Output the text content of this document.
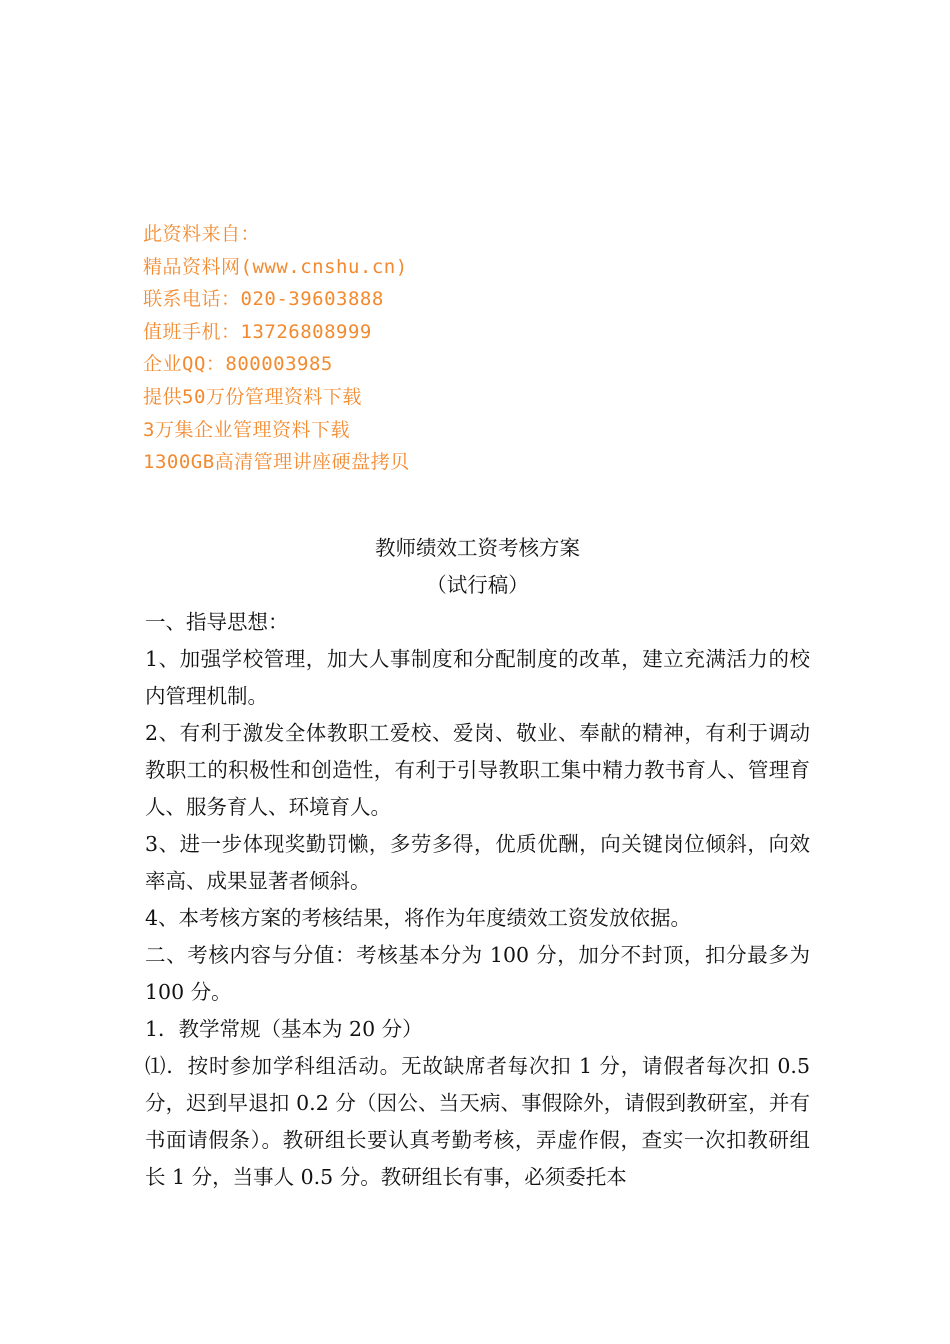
此资料来自：
精品资料网(www.cnshu.cn)
联系电话：020-39603888
值班手机：13726808999
企业QQ：800003985
提供50万份管理资料下载
3万集企业管理资料下载
1300GB高清管理讲座硬盘拷贝
教师绩效工资考核方案
（试行稿）

一、指导思想：

1、加强学校管理，加大人事制度和分配制度的改革，建立充满活力的校内管理机制。

2、有利于激发全体教职工爱校、爱岗、敬业、奉献的精神，有利于调动教职工的积极性和创造性，有利于引导教职工集中精力教书育人、管理育人、服务育人、环境育人。

3、进一步体现奖勤罚懒，多劳多得，优质优酬，向关键岗位倾斜，向效率高、成果显著者倾斜。

4、本考核方案的考核结果，将作为年度绩效工资发放依据。

二、考核内容与分值：考核基本分为 100 分，加分不封顶，扣分最多为 100 分。

1．教学常规（基本为 20 分）

⑴．按时参加学科组活动。无故缺席者每次扣 1 分，请假者每次扣 0.5 分，迟到早退扣 0.2 分（因公、当天病、事假除外，请假到教研室，并有书面请假条）。教研组长要认真考勤考核，弄虚作假，查实一次扣教研组长 1 分，当事人 0.5 分。教研组长有事，必须委托本
